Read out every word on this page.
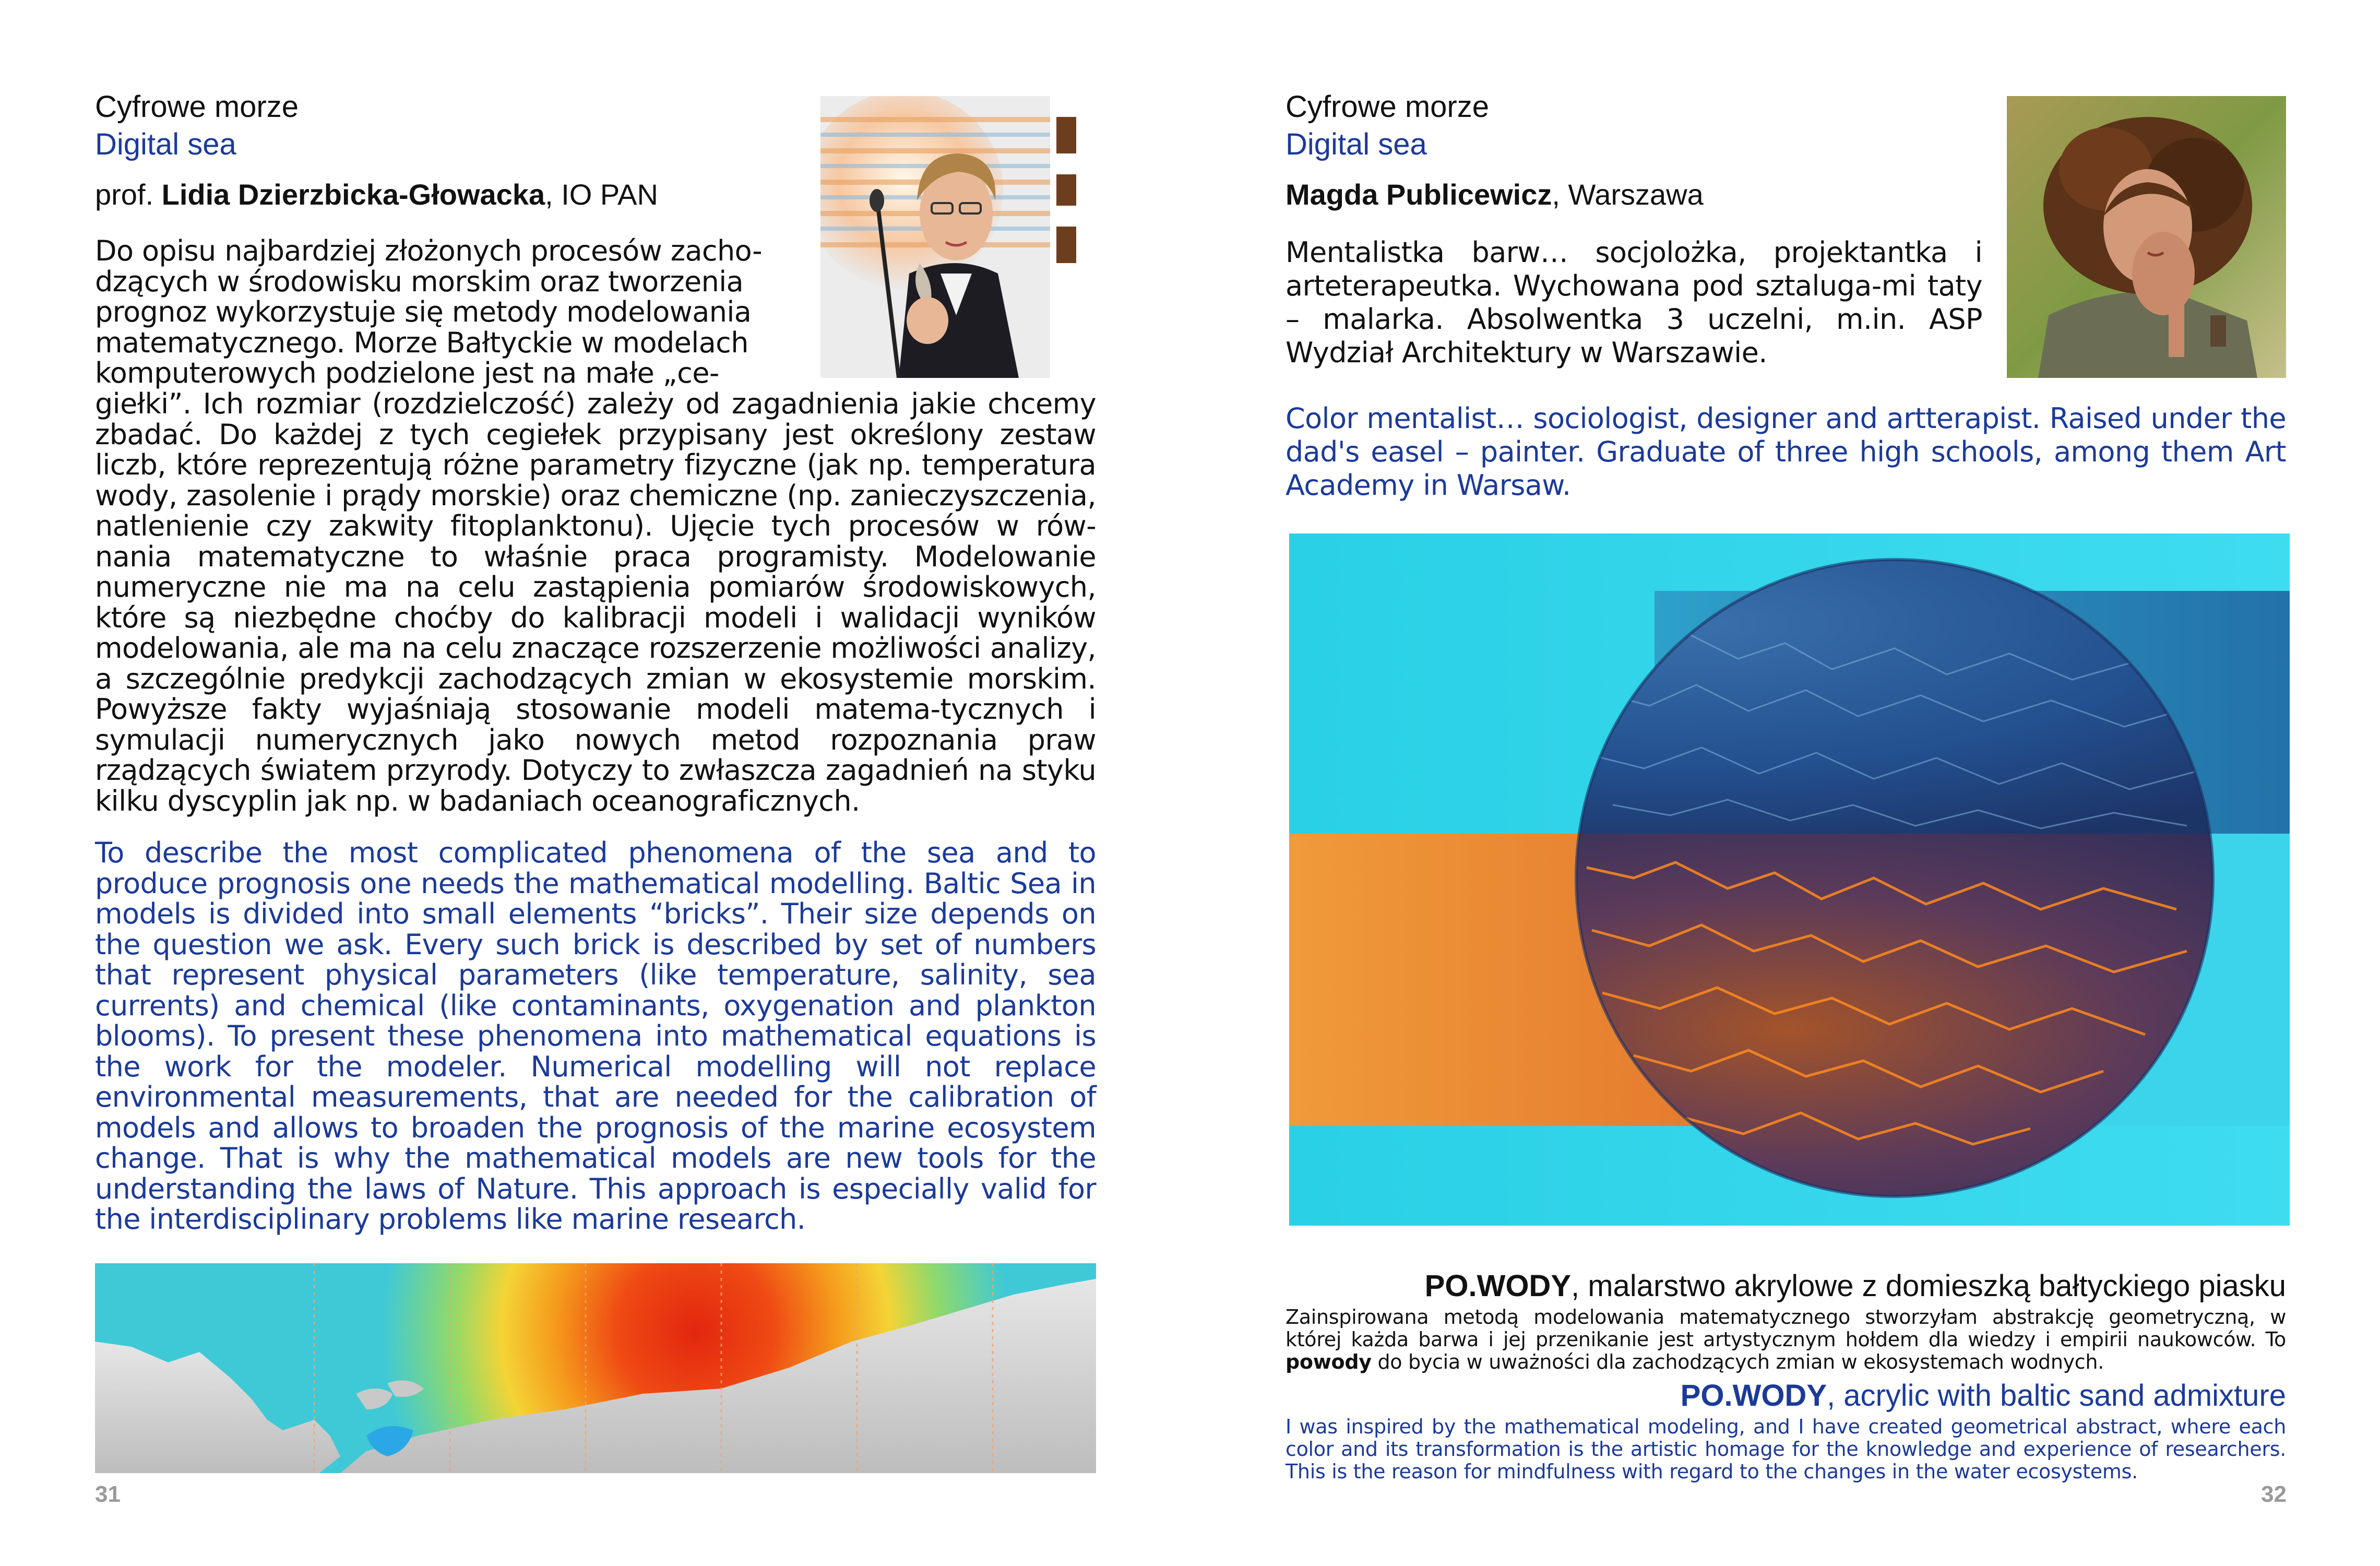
Cyfrowe morze
Digital sea
prof. Lidia Dzierzbicka-Głowacka, IO PAN
Do opisu najbardziej złożonych procesów zacho-
dzących w środowisku morskim oraz tworzenia
prognoz wykorzystuje się metody modelowania
matematycznego. Morze Bałtyckie w modelach
komputerowych podzielone jest na małe „ce-
giełki”. Ich rozmiar (rozdzielczość) zależy od zagadnienia jakie chcemy zbadać. Do każdej z tych cegiełek przypisany jest określony zestaw liczb, które reprezentują różne parametry fizyczne (jak np. temperatura wody, zasolenie i prądy morskie) oraz chemiczne (np. zanieczyszczenia, natlenienie czy zakwity fitoplanktonu). Ujęcie tych procesów w rów-nania matematyczne to właśnie praca programisty. Modelowanie numeryczne nie ma na celu zastąpienia pomiarów środowiskowych, które są niezbędne choćby do kalibracji modeli i walidacji wyników modelowania, ale ma na celu znaczące rozszerzenie możliwości analizy, a szczególnie predykcji zachodzących zmian w ekosystemie morskim. Powyższe fakty wyjaśniają stosowanie modeli matema-tycznych i symulacji numerycznych jako nowych metod rozpoznania praw rządzących światem przyrody. Dotyczy to zwłaszcza zagadnień na styku kilku dyscyplin jak np. w badaniach oceanograficznych.
To describe the most complicated phenomena of the sea and to produce prognosis one needs the mathematical modelling. Baltic Sea in models is divided into small elements “bricks”. Their size depends on the question we ask. Every such brick is described by set of numbers that represent physical parameters (like temperature, salinity, sea currents) and chemical (like contaminants, oxygenation and plankton blooms). To present these phenomena into mathematical equations is the work for the modeler. Numerical modelling will not replace environmental measurements, that are needed for the calibration of models and allows to broaden the prognosis of the marine ecosystem change. That is why the mathematical models are new tools for the understanding the laws of Nature. This approach is especially valid for the interdisciplinary problems like marine research.
31
Cyfrowe morze
Digital sea
Magda Publicewicz, Warszawa
Mentalistka barw… socjolożka, projektantka i arteterapeutka. Wychowana pod sztaluga-mi taty – malarka. Absolwentka 3 uczelni, m.in. ASP Wydział Architektury w Warszawie.
Color mentalist… sociologist, designer and artterapist. Raised under the dad's easel – painter. Graduate of three high schools, among them Art Academy in Warsaw.
PO.WODY, malarstwo akrylowe z domieszką bałtyckiego piasku
Zainspirowana metodą modelowania matematycznego stworzyłam abstrakcję geometryczną, w której każda barwa i jej przenikanie jest artystycznym hołdem dla wiedzy i empirii naukowców. To powody do bycia w uważności dla zachodzących zmian w ekosystemach wodnych.
PO.WODY, acrylic with baltic sand admixture
I was inspired by the mathematical modeling, and I have created geometrical abstract, where each color and its transformation is the artistic homage for the knowledge and experience of researchers. This is the reason for mindfulness with regard to the changes in the water ecosystems.
32
